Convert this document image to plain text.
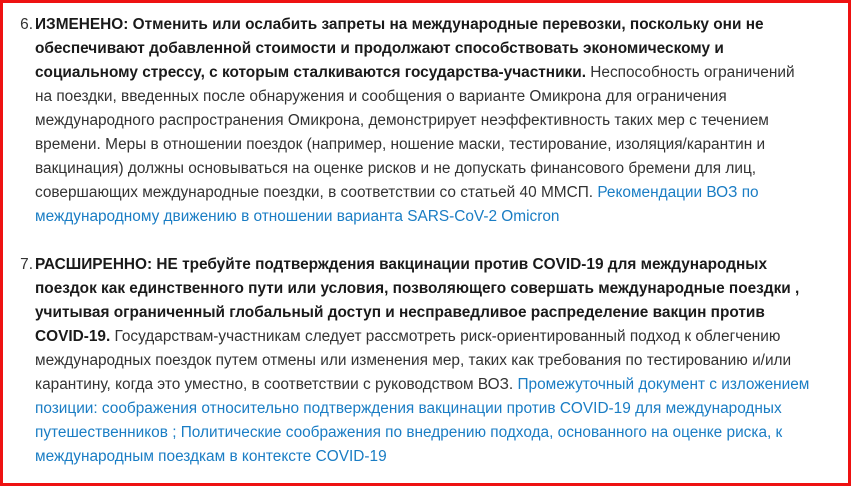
6 . ИЗМЕНЕНО: Отменить или ослабить запреты на международные перевозки, поскольку они не обеспечивают добавленной стоимости и продолжают способствовать экономическому и социальному стрессу, с которым сталкиваются государства-участники. Неспособность ограничений на поездки, введенных после обнаружения и сообщения о варианте Омикрона для ограничения международного распространения Омикрона, демонстрирует неэффективность таких мер с течением времени. Меры в отношении поездок (например, ношение маски, тестирование, изоляция/карантин и вакцинация) должны основываться на оценке рисков и не допускать финансового бремени для лиц, совершающих международные поездки, в соответствии со статьей 40 ММСП. Рекомендации ВОЗ по международному движению в отношении варианта SARS-CoV-2 Omicron
7 . РАСШИРЕННО: НЕ требуйте подтверждения вакцинации против COVID-19 для международных поездок как единственного пути или условия, позволяющего совершать международные поездки , учитывая ограниченный глобальный доступ и несправедливое распределение вакцин против COVID-19. Государствам-участникам следует рассмотреть риск-ориентированный подход к облегчению международных поездок путем отмены или изменения мер, таких как требования по тестированию и/или карантину, когда это уместно, в соответствии с руководством ВОЗ. Промежуточный документ с изложением позиции: соображения относительно подтверждения вакцинации против COVID-19 для международных путешественников ; Политические соображения по внедрению подхода, основанного на оценке риска, к международным поездкам в контексте COVID-19
